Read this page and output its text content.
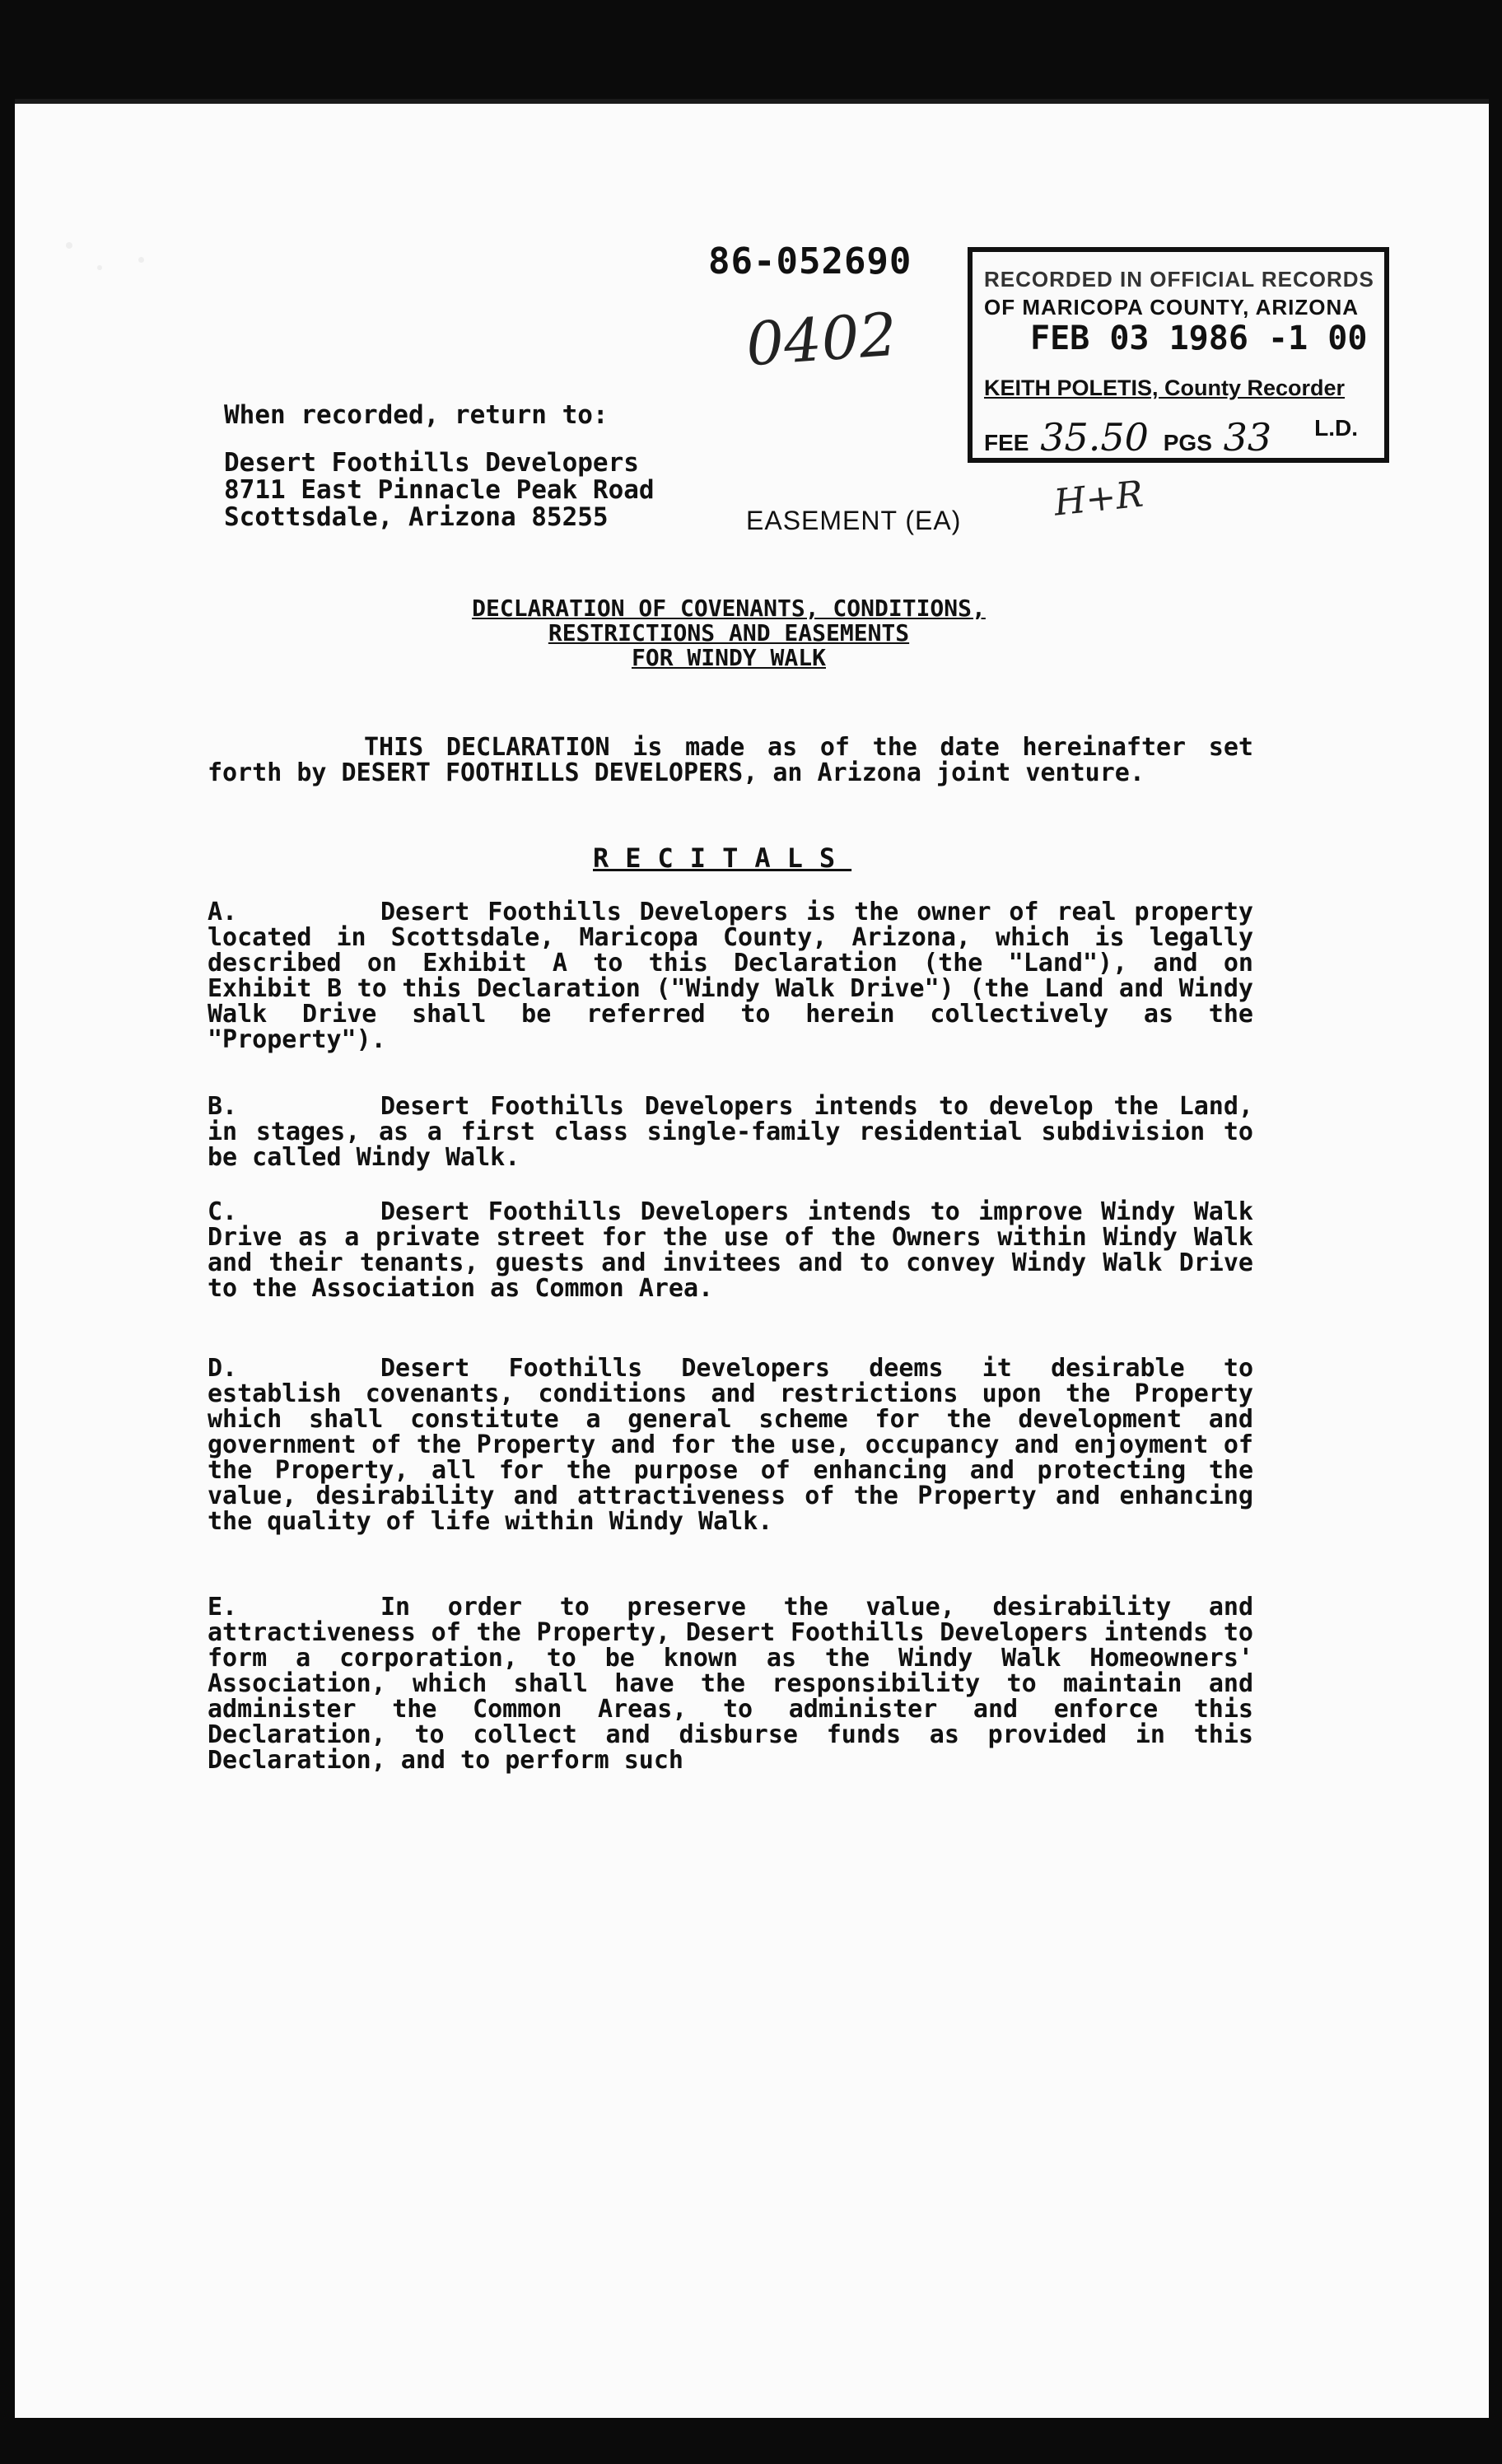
86-052690
0402
RECORDED IN OFFICIAL RECORDS
OF MARICOPA COUNTY, ARIZONA
FEB 03 1986 -1 00
KEITH POLETIS, County Recorder
FEE 35.50 PGS 33 L.D.
H+R
When recorded, return to:
Desert Foothills Developers
8711 East Pinnacle Peak Road
Scottsdale, Arizona 85255	EASEMENT (EA)
DECLARATION OF COVENANTS, CONDITIONS,
RESTRICTIONS AND EASEMENTS
FOR WINDY WALK
THIS DECLARATION is made as of the date hereinafter set forth by DESERT FOOTHILLS DEVELOPERS, an Arizona joint venture.
RECITALS
A.	Desert Foothills Developers is the owner of real property located in Scottsdale, Maricopa County, Arizona, which is legally described on Exhibit A to this Declaration (the "Land"), and on Exhibit B to this Declaration ("Windy Walk Drive") (the Land and Windy Walk Drive shall be referred to herein collectively as the "Property").
B.	Desert Foothills Developers intends to develop the Land, in stages, as a first class single-family residential subdivision to be called Windy Walk.
C.	Desert Foothills Developers intends to improve Windy Walk Drive as a private street for the use of the Owners within Windy Walk and their tenants, guests and invitees and to convey Windy Walk Drive to the Association as Common Area.
D.	Desert Foothills Developers deems it desirable to establish covenants, conditions and restrictions upon the Property which shall constitute a general scheme for the development and government of the Property and for the use, occupancy and enjoyment of the Property, all for the purpose of enhancing and protecting the value, desirability and attractiveness of the Property and enhancing the quality of life within Windy Walk.
E.	In order to preserve the value, desirability and attractiveness of the Property, Desert Foothills Developers intends to form a corporation, to be known as the Windy Walk Homeowners' Association, which shall have the responsibility to maintain and administer the Common Areas, to administer and enforce this Declaration, to collect and disburse funds as provided in this Declaration, and to perform such
